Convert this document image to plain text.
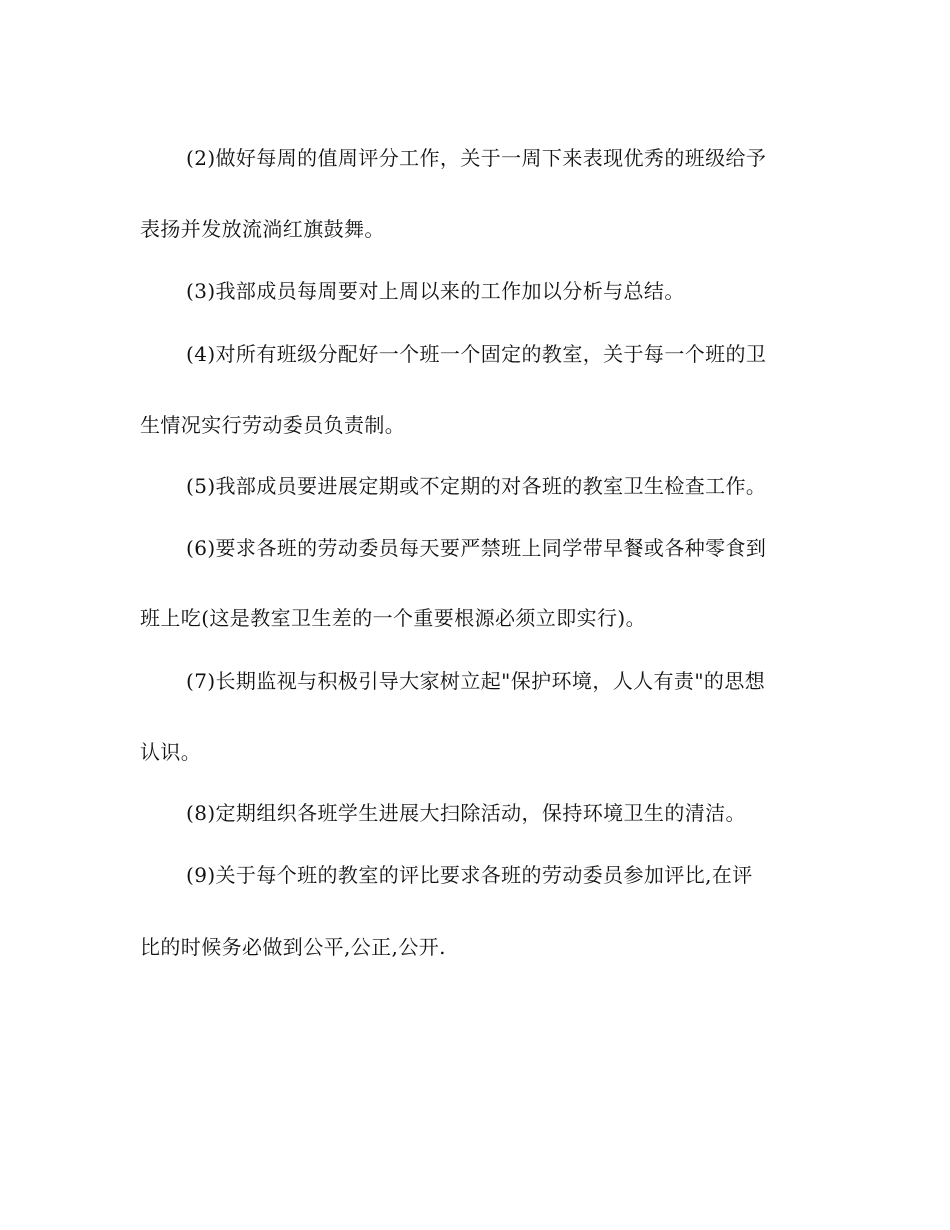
(2)做好每周的值周评分工作，关于一周下来表现优秀的班级给予
表扬并发放流淌红旗鼓舞。
(3)我部成员每周要对上周以来的工作加以分析与总结。
(4)对所有班级分配好一个班一个固定的教室，关于每一个班的卫
生情况实行劳动委员负责制。
(5)我部成员要进展定期或不定期的对各班的教室卫生检查工作。
(6)要求各班的劳动委员每天要严禁班上同学带早餐或各种零食到
班上吃(这是教室卫生差的一个重要根源必须立即实行)。
(7)长期监视与积极引导大家树立起"保护环境，人人有责"的思想
认识。
(8)定期组织各班学生进展大扫除活动，保持环境卫生的清洁。
(9)关于每个班的教室的评比要求各班的劳动委员参加评比,在评
比的时候务必做到公平,公正,公开.
